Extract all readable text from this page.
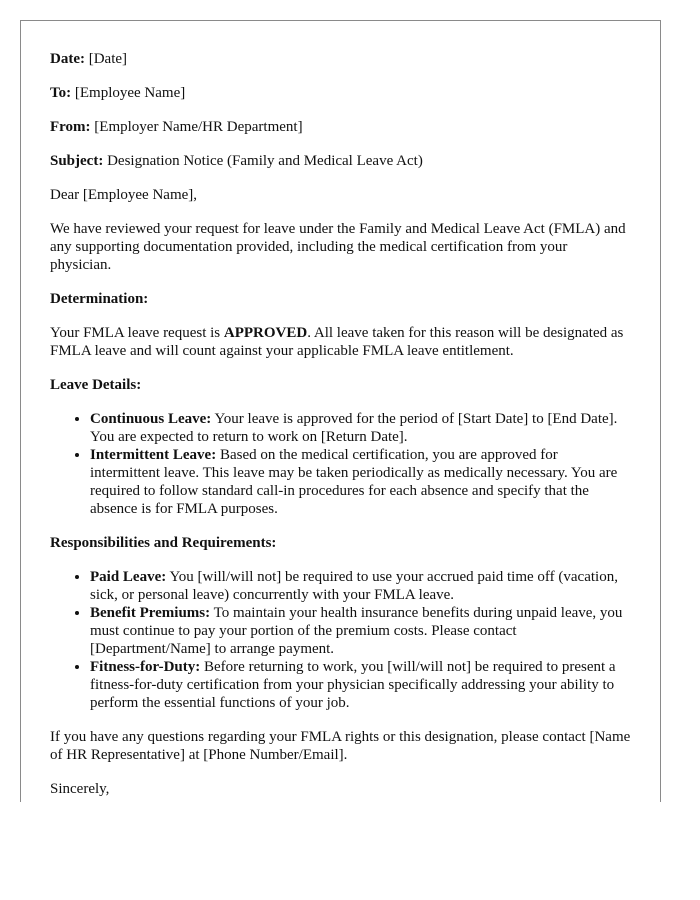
Date: [Date]

To: [Employee Name]

From: [Employer Name/HR Department]

Subject: Designation Notice (Family and Medical Leave Act)

Dear [Employee Name],

We have reviewed your request for leave under the Family and Medical Leave Act (FMLA) and any supporting documentation provided, including the medical certification from your physician.

Determination:

Your FMLA leave request is APPROVED. All leave taken for this reason will be designated as FMLA leave and will count against your applicable FMLA leave entitlement.

Leave Details:

• Continuous Leave: Your leave is approved for the period of [Start Date] to [End Date]. You are expected to return to work on [Return Date].
• Intermittent Leave: Based on the medical certification, you are approved for intermittent leave. This leave may be taken periodically as medically necessary. You are required to follow standard call-in procedures for each absence and specify that the absence is for FMLA purposes.

Responsibilities and Requirements:

• Paid Leave: You [will/will not] be required to use your accrued paid time off (vacation, sick, or personal leave) concurrently with your FMLA leave.
• Benefit Premiums: To maintain your health insurance benefits during unpaid leave, you must continue to pay your portion of the premium costs. Please contact [Department/Name] to arrange payment.
• Fitness-for-Duty: Before returning to work, you [will/will not] be required to present a fitness-for-duty certification from your physician specifically addressing your ability to perform the essential functions of your job.

If you have any questions regarding your FMLA rights or this designation, please contact [Name of HR Representative] at [Phone Number/Email].

Sincerely,
